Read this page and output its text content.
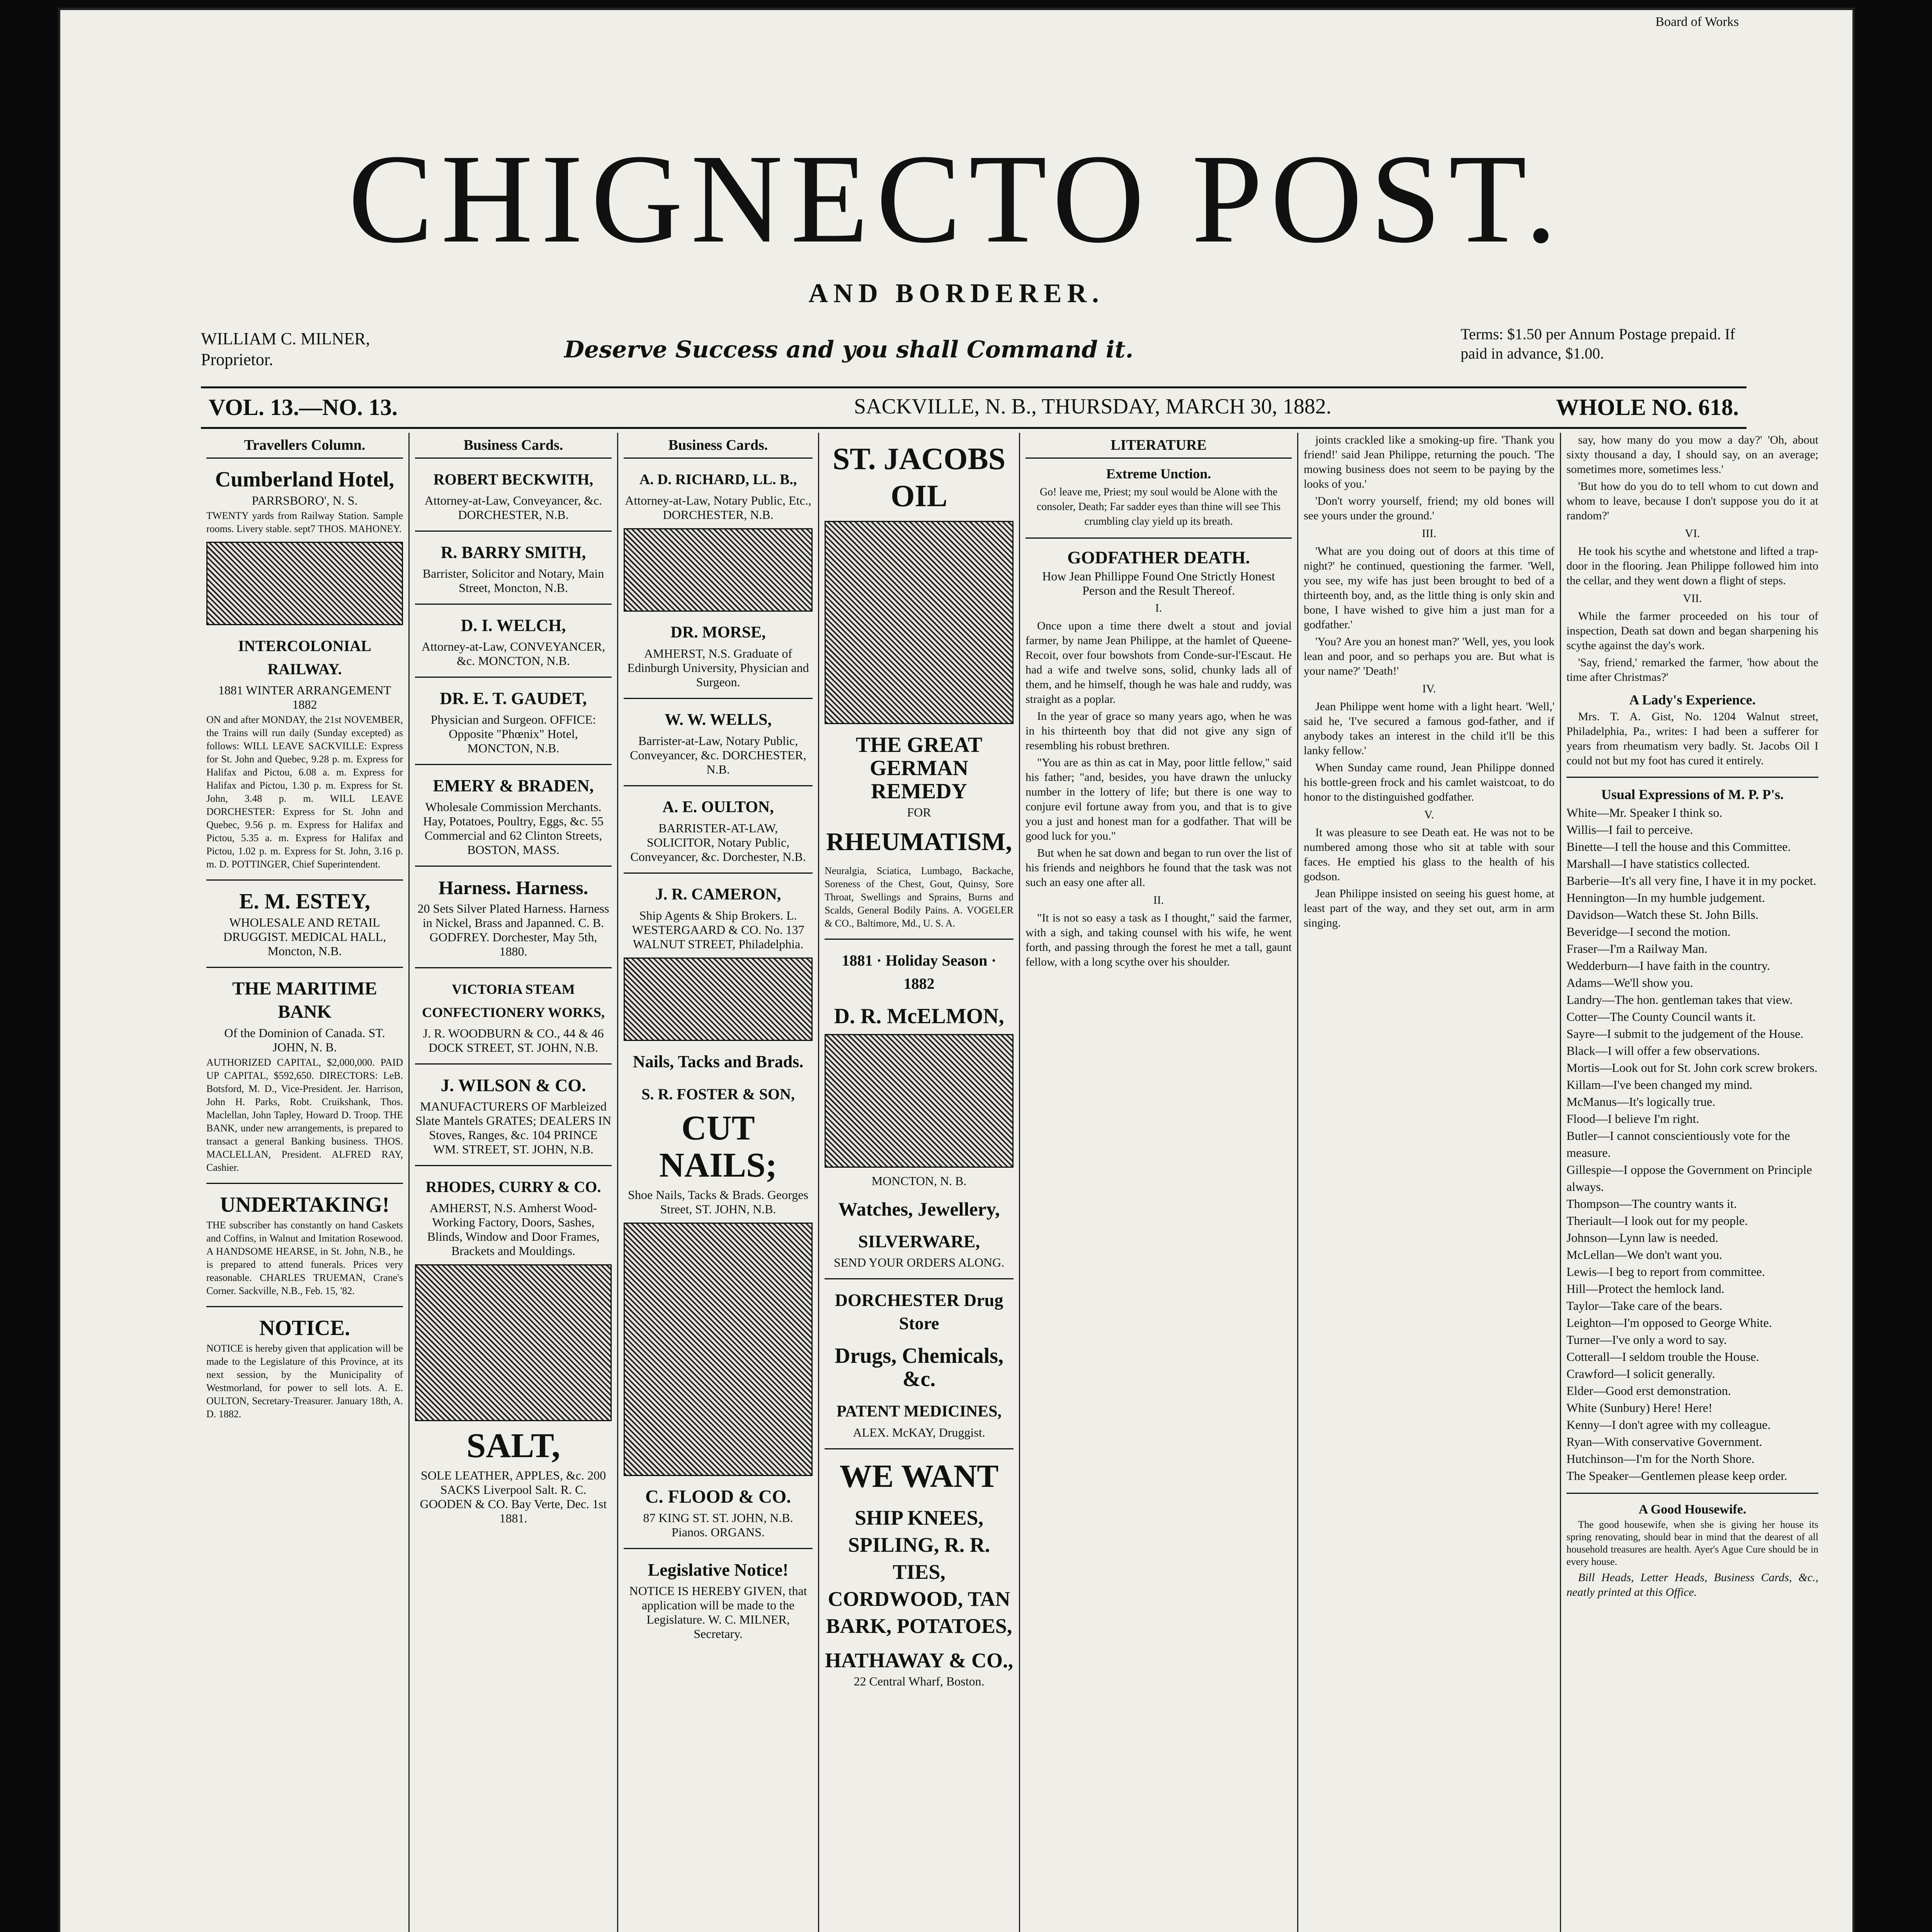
Board of Works
CHIGNECTO POST.
AND BORDERER.
WILLIAM C. MILNER,
Proprietor.	Deserve Success and you shall Command it.
Terms: $1.50 per Annum Postage prepaid. If paid in advance, $1.00.
VOL. 13.—NO. 13.	SACKVILLE, N. B., THURSDAY, MARCH 30, 1882.	WHOLE NO. 618.
Travellers Column.
Cumberland Hotel,
PARRSBORO', N. S.
TWENTY yards from Railway Station. Sample rooms. Livery stable. sept7 THOS. MAHONEY.
INTERCOLONIAL RAILWAY.
1881 WINTER ARRANGEMENT 1882
ON and after MONDAY, the 21st NOVEMBER, the Trains will run daily (Sunday excepted) as follows: WILL LEAVE SACKVILLE: Express for St. John and Quebec, 9.28 p. m. Express for Halifax and Pictou, 6.08 a. m. Express for Halifax and Pictou, 1.30 p. m. Express for St. John, 3.48 p. m. WILL LEAVE DORCHESTER: Express for St. John and Quebec, 9.56 p. m. Express for Halifax and Pictou, 5.35 a. m. Express for Halifax and Pictou, 1.02 p. m. Express for St. John, 3.16 p. m. D. POTTINGER, Chief Superintendent.
E. M. ESTEY,
WHOLESALE AND RETAIL DRUGGIST. MEDICAL HALL, Moncton, N.B.
THE MARITIME BANK
Of the Dominion of Canada. ST. JOHN, N. B.
AUTHORIZED CAPITAL, $2,000,000. PAID UP CAPITAL, $592,650. DIRECTORS: LeB. Botsford, M. D., Vice-President. Jer. Harrison, John H. Parks, Robt. Cruikshank, Thos. Maclellan, John Tapley, Howard D. Troop. THE BANK, under new arrangements, is prepared to transact a general Banking business. THOS. MACLELLAN, President. ALFRED RAY, Cashier.
UNDERTAKING!
THE subscriber has constantly on hand Caskets and Coffins, in Walnut and Imitation Rosewood. A HANDSOME HEARSE, in St. John, N.B., he is prepared to attend funerals. Prices very reasonable. CHARLES TRUEMAN, Crane's Corner. Sackville, N.B., Feb. 15, '82.
NOTICE.
NOTICE is hereby given that application will be made to the Legislature of this Province, at its next session, by the Municipality of Westmorland, for power to sell lots. A. E. OULTON, Secretary-Treasurer. January 18th, A. D. 1882.
Business Cards.
ROBERT BECKWITH,
Attorney-at-Law, Conveyancer, &c. DORCHESTER, N.B.
R. BARRY SMITH,
Barrister, Solicitor and Notary, Main Street, Moncton, N.B.
D. I. WELCH,
Attorney-at-Law, CONVEYANCER, &c. MONCTON, N.B.
DR. E. T. GAUDET,
Physician and Surgeon. OFFICE: Opposite "Phœnix" Hotel, MONCTON, N.B.
EMERY & BRADEN,
Wholesale Commission Merchants. Hay, Potatoes, Poultry, Eggs, &c. 55 Commercial and 62 Clinton Streets, BOSTON, MASS.
Harness. Harness.
20 Sets Silver Plated Harness. Harness in Nickel, Brass and Japanned. C. B. GODFREY. Dorchester, May 5th, 1880.
VICTORIA STEAM CONFECTIONERY WORKS,
J. R. WOODBURN & CO., 44 & 46 DOCK STREET, ST. JOHN, N.B.
J. WILSON & CO.
MANUFACTURERS OF Marbleized Slate Mantels GRATES; DEALERS IN Stoves, Ranges, &c. 104 PRINCE WM. STREET, ST. JOHN, N.B.
RHODES, CURRY & CO.
AMHERST, N.S. Amherst Wood-Working Factory, Doors, Sashes, Blinds, Window and Door Frames, Brackets and Mouldings.
SALT,
SOLE LEATHER, APPLES, &c. 200 SACKS Liverpool Salt. R. C. GOODEN & CO. Bay Verte, Dec. 1st 1881.
Business Cards.
A. D. RICHARD, LL. B.,
Attorney-at-Law, Notary Public, Etc., DORCHESTER, N.B.
DR. MORSE,
AMHERST, N.S. Graduate of Edinburgh University, Physician and Surgeon.
W. W. WELLS,
Barrister-at-Law, Notary Public, Conveyancer, &c. DORCHESTER, N.B.
A. E. OULTON,
BARRISTER-AT-LAW, SOLICITOR, Notary Public, Conveyancer, &c. Dorchester, N.B.
J. R. CAMERON,
Ship Agents & Ship Brokers. L. WESTERGAARD & CO. No. 137 WALNUT STREET, Philadelphia.
Nails, Tacks and Brads.
S. R. FOSTER & SON,
CUT NAILS;
Shoe Nails, Tacks & Brads. Georges Street, ST. JOHN, N.B.
C. FLOOD & CO.
87 KING ST. ST. JOHN, N.B. Pianos. ORGANS.
Legislative Notice!
NOTICE IS HEREBY GIVEN, that application will be made to the Legislature. W. C. MILNER, Secretary.
ST. JACOBS OIL
THE GREAT GERMAN REMEDY
FOR
RHEUMATISM,
Neuralgia, Sciatica, Lumbago, Backache, Soreness of the Chest, Gout, Quinsy, Sore Throat, Swellings and Sprains, Burns and Scalds, General Bodily Pains. A. VOGELER & CO., Baltimore, Md., U. S. A.
1881 · Holiday Season · 1882
D. R. McELMON,
MONCTON, N. B.
Watches, Jewellery,
SILVERWARE,
SEND YOUR ORDERS ALONG.
DORCHESTER Drug Store
Drugs, Chemicals, &c.
PATENT MEDICINES,
ALEX. McKAY, Druggist.
WE WANT
SHIP KNEES, SPILING, R. R. TIES, CORDWOOD, TAN BARK, POTATOES,
HATHAWAY & CO.,
22 Central Wharf, Boston.
LITERATURE
Extreme Unction.
Go! leave me, Priest; my soul would be Alone with the consoler, Death; Far sadder eyes than thine will see This crumbling clay yield up its breath.
GODFATHER DEATH.
How Jean Phillippe Found One Strictly Honest Person and the Result Thereof.
I.

Once upon a time there dwelt a stout and jovial farmer, by name Jean Philippe, at the hamlet of Queene-Recoit, over four bowshots from Conde-sur-l'Escaut. He had a wife and twelve sons, solid, chunky lads all of them, and he himself, though he was hale and ruddy, was straight as a poplar.

In the year of grace so many years ago, when he was in his thirteenth boy that did not give any sign of resembling his robust brethren.

"You are as thin as cat in May, poor little fellow," said his father; "and, besides, you have drawn the unlucky number in the lottery of life; but there is one way to conjure evil fortune away from you, and that is to give you a just and honest man for a godfather. That will be good luck for you."

But when he sat down and began to run over the list of his friends and neighbors he found that the task was not such an easy one after all.

II.

"It is not so easy a task as I thought," said the farmer, with a sigh, and taking counsel with his wife, he went forth, and passing through the forest he met a tall, gaunt fellow, with a long scythe over his shoulder.

joints crackled like a smoking-up fire. 'Thank you friend!' said Jean Philippe, returning the pouch. 'The mowing business does not seem to be paying by the looks of you.'

'Don't worry yourself, friend; my old bones will see yours under the ground.'

III.

'What are you doing out of doors at this time of night?' he continued, questioning the farmer. 'Well, you see, my wife has just been brought to bed of a thirteenth boy, and, as the little thing is only skin and bone, I have wished to give him a just man for a godfather.'

'You? Are you an honest man?' 'Well, yes, you look lean and poor, and so perhaps you are. But what is your name?' 'Death!'

IV.

Jean Philippe went home with a light heart. 'Well,' said he, 'I've secured a famous god-father, and if anybody takes an interest in the child it'll be this lanky fellow.'

When Sunday came round, Jean Philippe donned his bottle-green frock and his camlet waistcoat, to do honor to the distinguished godfather.

V.

It was pleasure to see Death eat. He was not to be numbered among those who sit at table with sour faces. He emptied his glass to the health of his godson.

Jean Philippe insisted on seeing his guest home, at least part of the way, and they set out, arm in arm singing.

say, how many do you mow a day?' 'Oh, about sixty thousand a day, I should say, on an average; sometimes more, sometimes less.'

'But how do you do to tell whom to cut down and whom to leave, because I don't suppose you do it at random?'

VI.

He took his scythe and whetstone and lifted a trap-door in the flooring. Jean Philippe followed him into the cellar, and they went down a flight of steps.

VII.

While the farmer proceeded on his tour of inspection, Death sat down and began sharpening his scythe against the day's work.

'Say, friend,' remarked the farmer, 'how about the time after Christmas?'

A Lady's Experience.

Mrs. T. A. Gist, No. 1204 Walnut street, Philadelphia, Pa., writes: I had been a sufferer for years from rheumatism very badly. St. Jacobs Oil I could not but my foot has cured it entirely.

Usual Expressions of M. P. P's.
White—Mr. Speaker I think so.
Willis—I fail to perceive.
Binette—I tell the house and this Committee.
Marshall—I have statistics collected.
Barberie—It's all very fine, I have it in my pocket.
Hennington—In my humble judgement.
Davidson—Watch these St. John Bills.
Beveridge—I second the motion.
Fraser—I'm a Railway Man.
Wedderburn—I have faith in the country.
Adams—We'll show you.
Landry—The hon. gentleman takes that view.
Cotter—The County Council wants it.
Sayre—I submit to the judgement of the House.
Black—I will offer a few observations.
Mortis—Look out for St. John cork screw brokers.
Killam—I've been changed my mind.
McManus—It's logically true.
Flood—I believe I'm right.
Butler—I cannot conscientiously vote for the measure.
Gillespie—I oppose the Government on Principle always.
Thompson—The country wants it.
Theriault—I look out for my people.
Johnson—Lynn law is needed.
McLellan—We don't want you.
Lewis—I beg to report from committee.
Hill—Protect the hemlock land.
Taylor—Take care of the bears.
Leighton—I'm opposed to George White.
Turner—I've only a word to say.
Cotterall—I seldom trouble the House.
Crawford—I solicit generally.
Elder—Good erst demonstration.
White (Sunbury) Here! Here!
Kenny—I don't agree with my colleague.
Ryan—With conservative Government.
Hutchinson—I'm for the North Shore.
The Speaker—Gentlemen please keep order.
A Good Housewife.

The good housewife, when she is giving her house its spring renovating, should bear in mind that the dearest of all household treasures are health. Ayer's Ague Cure should be in every house.

Bill Heads, Letter Heads, Business Cards, &c., neatly printed at this Office.
